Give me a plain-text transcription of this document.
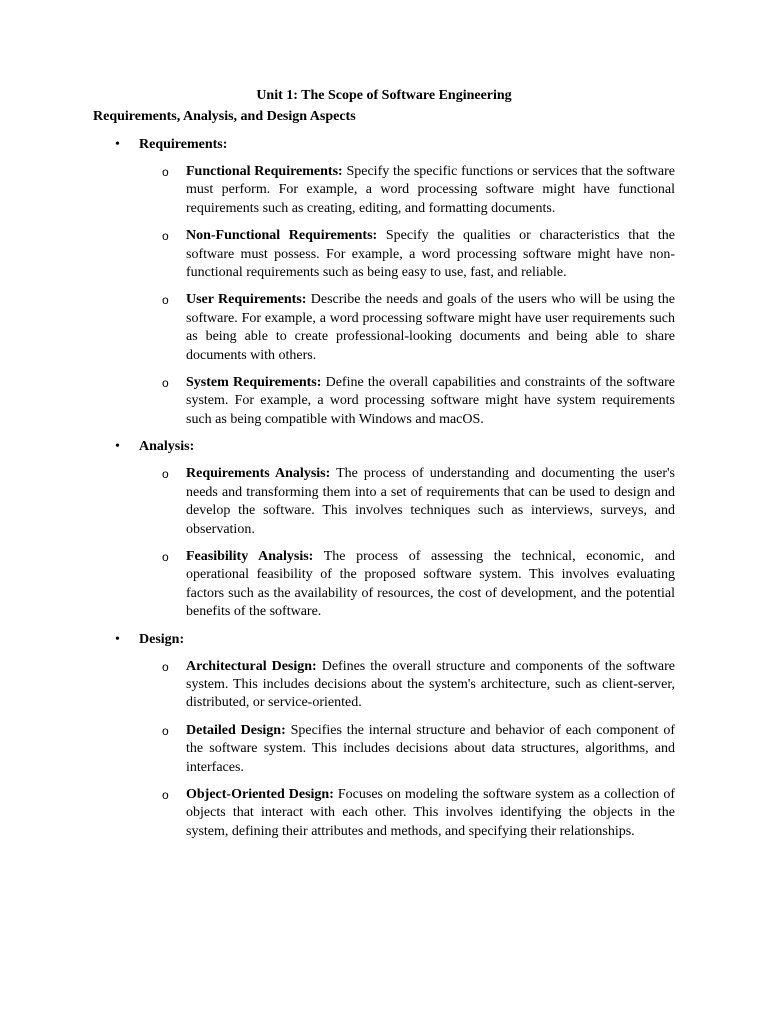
Unit 1: The Scope of Software Engineering
Requirements, Analysis, and Design Aspects
• Requirements:
o Functional Requirements: Specify the specific functions or services that the software must perform. For example, a word processing software might have functional requirements such as creating, editing, and formatting documents.
o Non-Functional Requirements: Specify the qualities or characteristics that the software must possess. For example, a word processing software might have non-functional requirements such as being easy to use, fast, and reliable.
o User Requirements: Describe the needs and goals of the users who will be using the software. For example, a word processing software might have user requirements such as being able to create professional-looking documents and being able to share documents with others.
o System Requirements: Define the overall capabilities and constraints of the software system. For example, a word processing software might have system requirements such as being compatible with Windows and macOS.
• Analysis:
o Requirements Analysis: The process of understanding and documenting the user's needs and transforming them into a set of requirements that can be used to design and develop the software. This involves techniques such as interviews, surveys, and observation.
o Feasibility Analysis: The process of assessing the technical, economic, and operational feasibility of the proposed software system. This involves evaluating factors such as the availability of resources, the cost of development, and the potential benefits of the software.
• Design:
o Architectural Design: Defines the overall structure and components of the software system. This includes decisions about the system's architecture, such as client-server, distributed, or service-oriented.
o Detailed Design: Specifies the internal structure and behavior of each component of the software system. This includes decisions about data structures, algorithms, and interfaces.
o Object-Oriented Design: Focuses on modeling the software system as a collection of objects that interact with each other. This involves identifying the objects in the system, defining their attributes and methods, and specifying their relationships.
